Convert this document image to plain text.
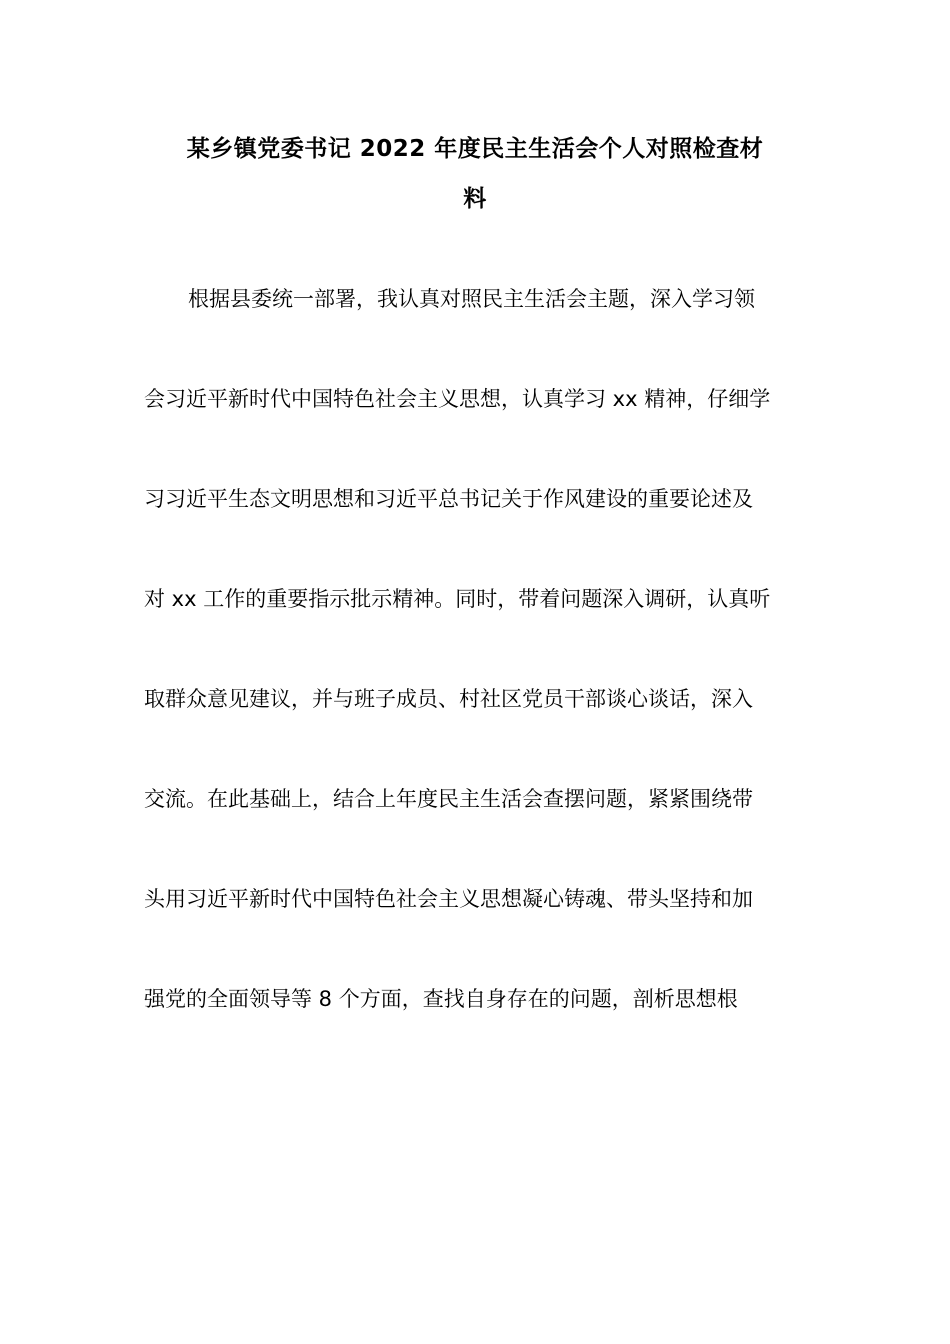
某乡镇党委书记 2022 年度民主生活会个人对照检查材
料
根据县委统一部署，我认真对照民主生活会主题，深入学习领
会习近平新时代中国特色社会主义思想，认真学习 xx 精神，仔细学
习习近平生态文明思想和习近平总书记关于作风建设的重要论述及
对 xx 工作的重要指示批示精神。同时，带着问题深入调研，认真听
取群众意见建议，并与班子成员、村社区党员干部谈心谈话，深入
交流。在此基础上，结合上年度民主生活会查摆问题，紧紧围绕带
头用习近平新时代中国特色社会主义思想凝心铸魂、带头坚持和加
强党的全面领导等 8 个方面，查找自身存在的问题，剖析思想根
